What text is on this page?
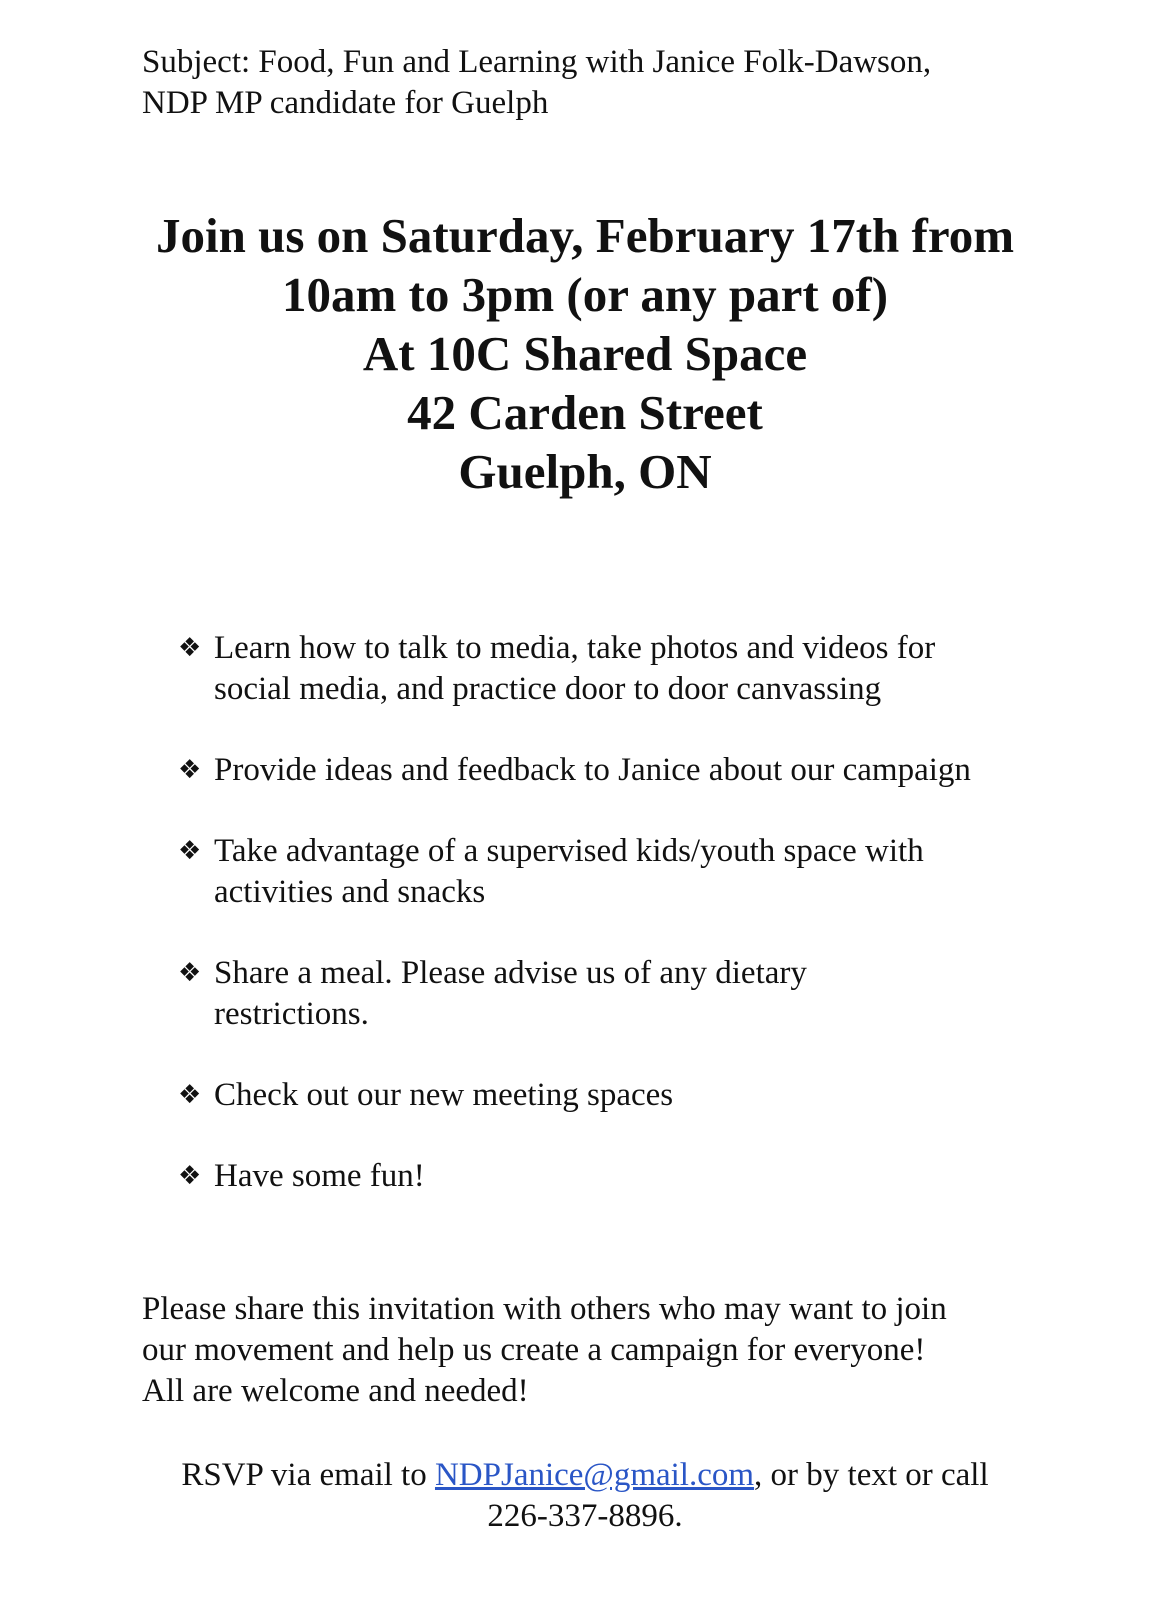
Subject: Food, Fun and Learning with Janice Folk-Dawson,
NDP MP candidate for Guelph
Join us on Saturday, February 17th from
10am to 3pm (or any part of)
At 10C Shared Space
42 Carden Street
Guelph, ON
❖ Learn how to talk to media, take photos and videos for
social media, and practice door to door canvassing
❖ Provide ideas and feedback to Janice about our campaign
❖ Take advantage of a supervised kids/youth space with
activities and snacks
❖ Share a meal. Please advise us of any dietary
restrictions.
❖ Check out our new meeting spaces
❖ Have some fun!
Please share this invitation with others who may want to join
our movement and help us create a campaign for everyone!
All are welcome and needed!
RSVP via email to NDPJanice@gmail.com, or by text or call
226-337-8896.
